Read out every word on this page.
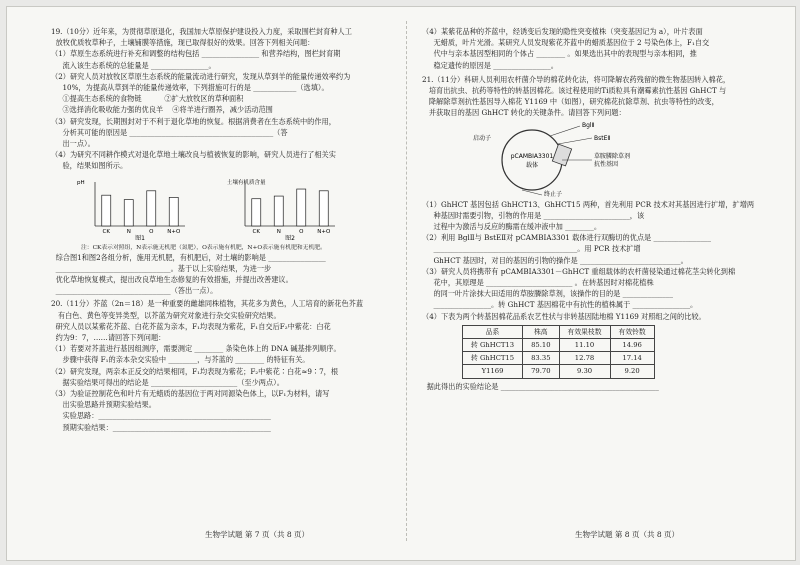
19.（10分）近年来，为贯彻草原退化，我国加大草原保护建设投入力度，采取围栏封育种人工
放牧优质牧草种子，土壤铺膜等措施，现已取得很好的效果。回答下列相关问题：
（1）草原生态系统进行补充和调整的结构包括 ________________ 和营养结构，图栏封育期
流入该生态系统的总能量是 ________________。
（2）研究人员对放牧区草原生态系统的能量流动进行研究，发现从草到羊的能量传递效率约为
10%，为提高从草到羊的能量传递效率，下列措施可行的是 ____________（选填）。
①提高生态系统的食物链          ②扩大放牧区的草种面积
③选择消化吸收能力强的优良羊    ④将羊进行圈养，减少活动范围
（3）研究发现，长期围封对于不利于退化草地的恢复。根据消费者在生态系统中的作用，
分析其可能的原因是 ________________________________________（答
出一点）。
（4）为研究不同耕作模式对退化草地土壤改良与植被恢复的影响，研究人员进行了相关实
验，结果如图所示。
pH
CK	N	O	N+O
图1
土壤有机质含量
CK	N	O	N+O
图2
注：CK表示对照组，N表示施无机肥（氮肥），O表示施有机肥，N+O表示施有机肥和无机肥。
综合图1和图2各组分析，施用无机肥，有机肥后，对土壤的影响是 ________________
________________________________。基于以上实验结果，为进一步
优化草地恢复模式，提出改良草地生态修复的有效措施，并提出改善建议。
________________________________（答出一点）。
20.（11分）芥蓝（2n＝18）是一种重要的雌雄同株植物，其花多为黄色，人工培育的新花色芥蓝
有白色、黄色等变异类型，以芥蓝为研究对象进行杂交实验研究结果。
研究人员以某紫花芥蓝、白花芥蓝为亲本，F₁均表现为紫花，F₁自交后F₂中紫花：白花
约为9：7，……请回答下列问题：
（1）若要对芥蓝进行基因组测序，需要测定 ________ 条染色体上的 DNA 碱基排列顺序。
步骤中获得 F₁的亲本杂交实验中 ________，与芥蓝的 ________ 的特征有关。
（2）研究发现，两亲本正反交的结果相同，F₁均表现为紫花；F₂中紫花∶白花≈9∶7，根
据实验结果可得出的结论是 ________________________（至少两点）。
（3）为验证控制花色和叶片有无蜡质的基因位于两对同源染色体上，以F₁为材料，请写
出实验思路并预期实验结果。
实验思路：________________________________________________
预期实验结果：____________________________________________
（4）某紫花品种的芥蓝中，经诱变后发现的隐性突变植株（突变基因记为 a），叶片表面
无蜡质，叶片光滑。某研究人员发现紫花芥蓝中的蜡质基因位于 2 号染色体上，F₁自交
代中与亲本基因型相同的个体占 ________ 。如果选出其中的表现型与亲本相同，推
稳定遗传的原因是 ________________。
21.（11分）科研人员利用农杆菌介导的棉花转化法，将可降解农药残留的微生物基因转入棉花，
培育出抗虫、抗药等特性的转基因棉花。该过程使用的Ti质粒具有潮霉素抗性基因 GhHCT 与
降解除草剂抗性基因导入棉花 Y1169 中（如图），研究棉花抗除草剂、抗虫等特性的改变，
并获取目的基因 GhHCT 转化的关键条件。请回答下列问题：
pCAMBIA3301
载体
启动子
BglⅡ
BstEⅡ
草胺膦除草剂
抗性基因
终止子
（1）GhHCT 基因包括 GhHCT13、GhHCT15 两种，首先利用 PCR 技术对其基因进行扩增，扩增两
种基因时需要引物，引物的作用是 ________________________，该
过程中为激活与反应的酶需在缓冲液中加 ________。
（2）利用 BglⅡ与 BstEⅡ对 pCAMBIA3301 载体进行双酶切的优点是 ________________
________________________________________。用 PCR 技术扩增
GhHCT 基因时，对目的基因的引物的操作是 ____________________________。
（3）研究人员将携带有 pCAMBIA3301－GhHCT 重组载体的农杆菌侵染通过棉花茎尖转化到棉
花中，其原理是 ________________________ 。在转基因时对棉花植株
的同一叶片涂抹大田适用的草胺膦除草剂，该操作的目的是 ______________
________________。转 GhHCT 基因棉花中有抗性的植株属于 ________________。
（4）下表为两个转基因棉花品系农艺性状与非转基因陆地棉 Y1169 对照组之间的比较。
品系	株高	有效果枝数	有效铃数
转 GhHCT13	85.10	11.10	14.96
转 GhHCT15	83.35	12.78	17.14
Y1169	79.70	9.30	9.20
据此得出的实验结论是 ____________________________________________
生物学试题 第 7 页（共 8 页）	生物学试题 第 8 页（共 8 页）
